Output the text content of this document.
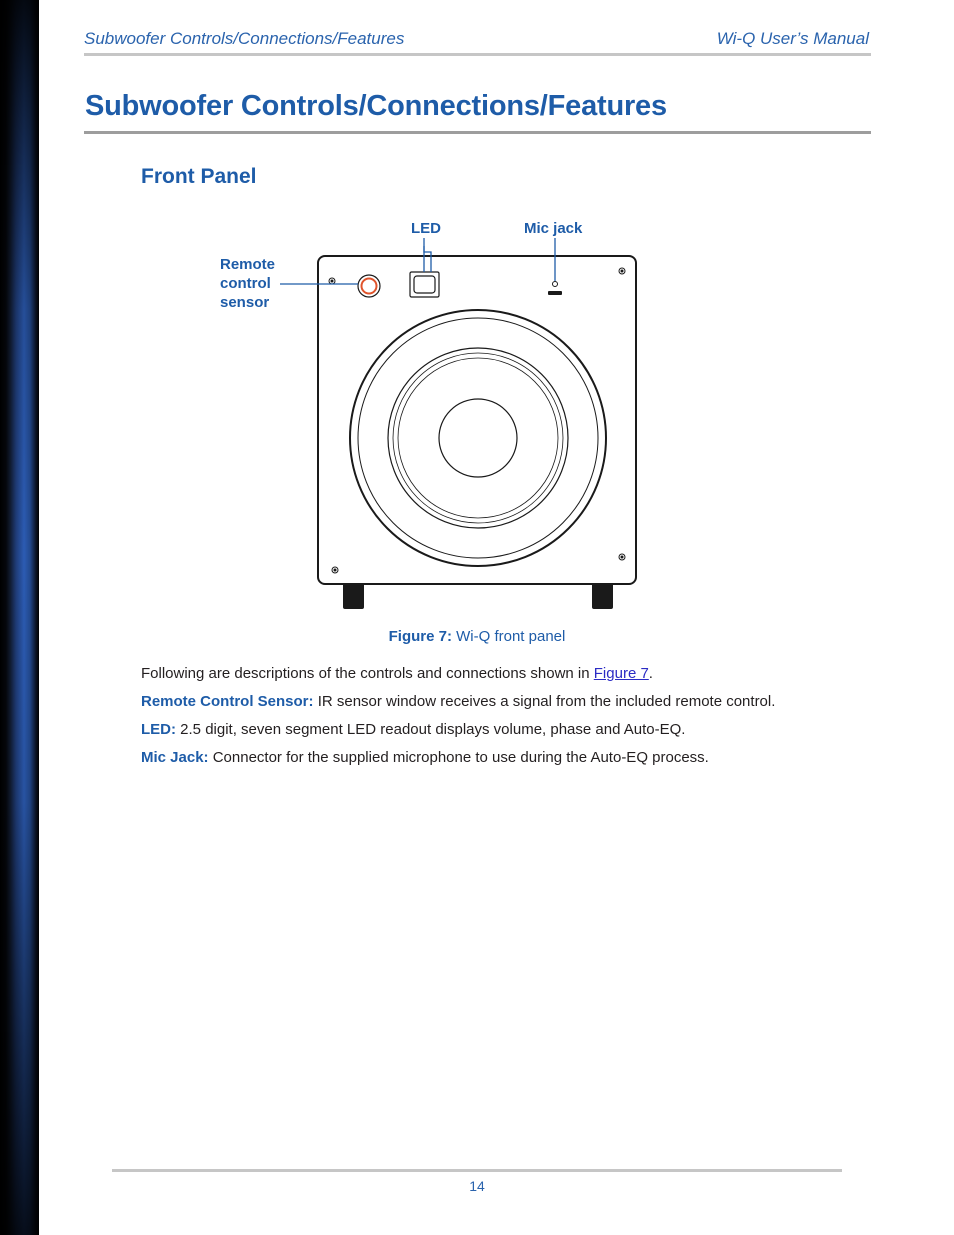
Subwoofer Controls/Connections/Features	Wi-Q User’s Manual
Subwoofer Controls/Connections/Features
Front Panel
LED	Mic jack
Remote
control
sensor
Figure 7: Wi-Q front panel
Following are descriptions of the controls and connections shown in Figure 7.
Remote Control Sensor: IR sensor window receives a signal from the included remote control.
LED: 2.5 digit, seven segment LED readout displays volume, phase and Auto-EQ.
Mic Jack: Connector for the supplied microphone to use during the Auto-EQ process.
14
